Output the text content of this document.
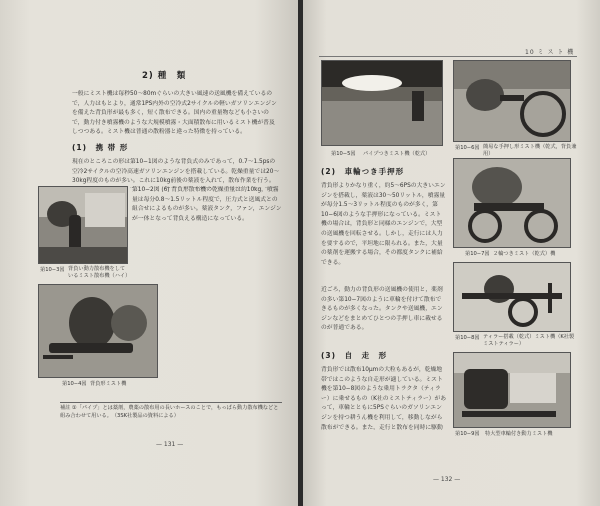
2) 種　類
一般にミスト機は毎秒50〜80mぐらいの大きい風速の送風機を備えているので，人力はもとより，通常1PS内外の空冷式2サイクルの軽いガソリンエンジンを備えた背負形が最も多く，短く散布できる。国内の重量物なども小さいので，動力付き噴霧機のような大規模噴霧・大面積散布に用いるミスト機が普及しつつある。ミスト機は普通の散粉器と違った特徴を持っている。
(1)　携 帯 形
現在のところこの形は第10−1図のような背負式のみであって，0.7〜1.5psの空冷2サイクルの空冷高速ガソリンエンジンを搭載している。乾燥重量では20〜30kg程度のものが多い。これに10kg前後の薬液を入れて，散布作業を行う。
第10−3図 背負い動力散布機をしているミスト散布機（ハイ）
第10−2図 (6) 背負形散布機の乾燥重量は約10kg，噴霧量は毎分0.8〜1.5リットル程度で，圧力式と送風式との組合せによるものが多い。薬液タンク，ファン，エンジンが一体となって背負える構造になっている。
第10−4図 背負形ミスト機
補註 ①「パイプ」とは薬剤，農薬の散布用の長いホースのことで，もっぱら動力散布機などと組み合わせて用いる。　（3SK社製品の資料による）
— 131 —
10 ミ ス ト 機
第10−5図 パイプつきミスト機（乾式）
第10−6図 簡易な手押し形ミスト機（乾式，背負兼用）
(2)　車輪つき手押形
背負形よりかなり重く，約5〜6PSの大きいエンジンを搭載し，薬液は30〜50リットル，噴霧量が毎分1.5〜3リットル程度のものが多く，第10−6図のような手押形になっている。ミスト機の場合は，背負形と同様のエンジンで，大型の送風機を回転させる。しかし，走行には人力を要するので，平坦地に限られる。また，大量の薬剤を運搬する場合，その都度タンクに補給できる。
近ごろ，動力の背負形の送風機の使用と，薬剤の多い第10−7図のように車輪を付けて散布できるものが多くなった。タンクや送風機，エンジンなどをまとめてひとつの手押し車に載せるのが普通である。
第10−7図 ２輪つきミスト（乾式）機
第10−8図 ティラー搭載（乾式）ミスト機（K社製ミストティラー）
(3)　自　走　形
背負形では散布10μmの大粒もあるが，乾燥地帯ではこのような自走形が適している。ミスト機を第10−8図のような乗用トラクタ（ティラー）に乗せるもの（K社のミストティラー）があって，車輪とともに5PSぐらいのガソリンエンジンを持つ耕うん機を利用して，移動しながら散布ができる。また，走行と散布を同時に駆動
第10−9図 特大型車輪付き動力ミスト機
— 132 —
